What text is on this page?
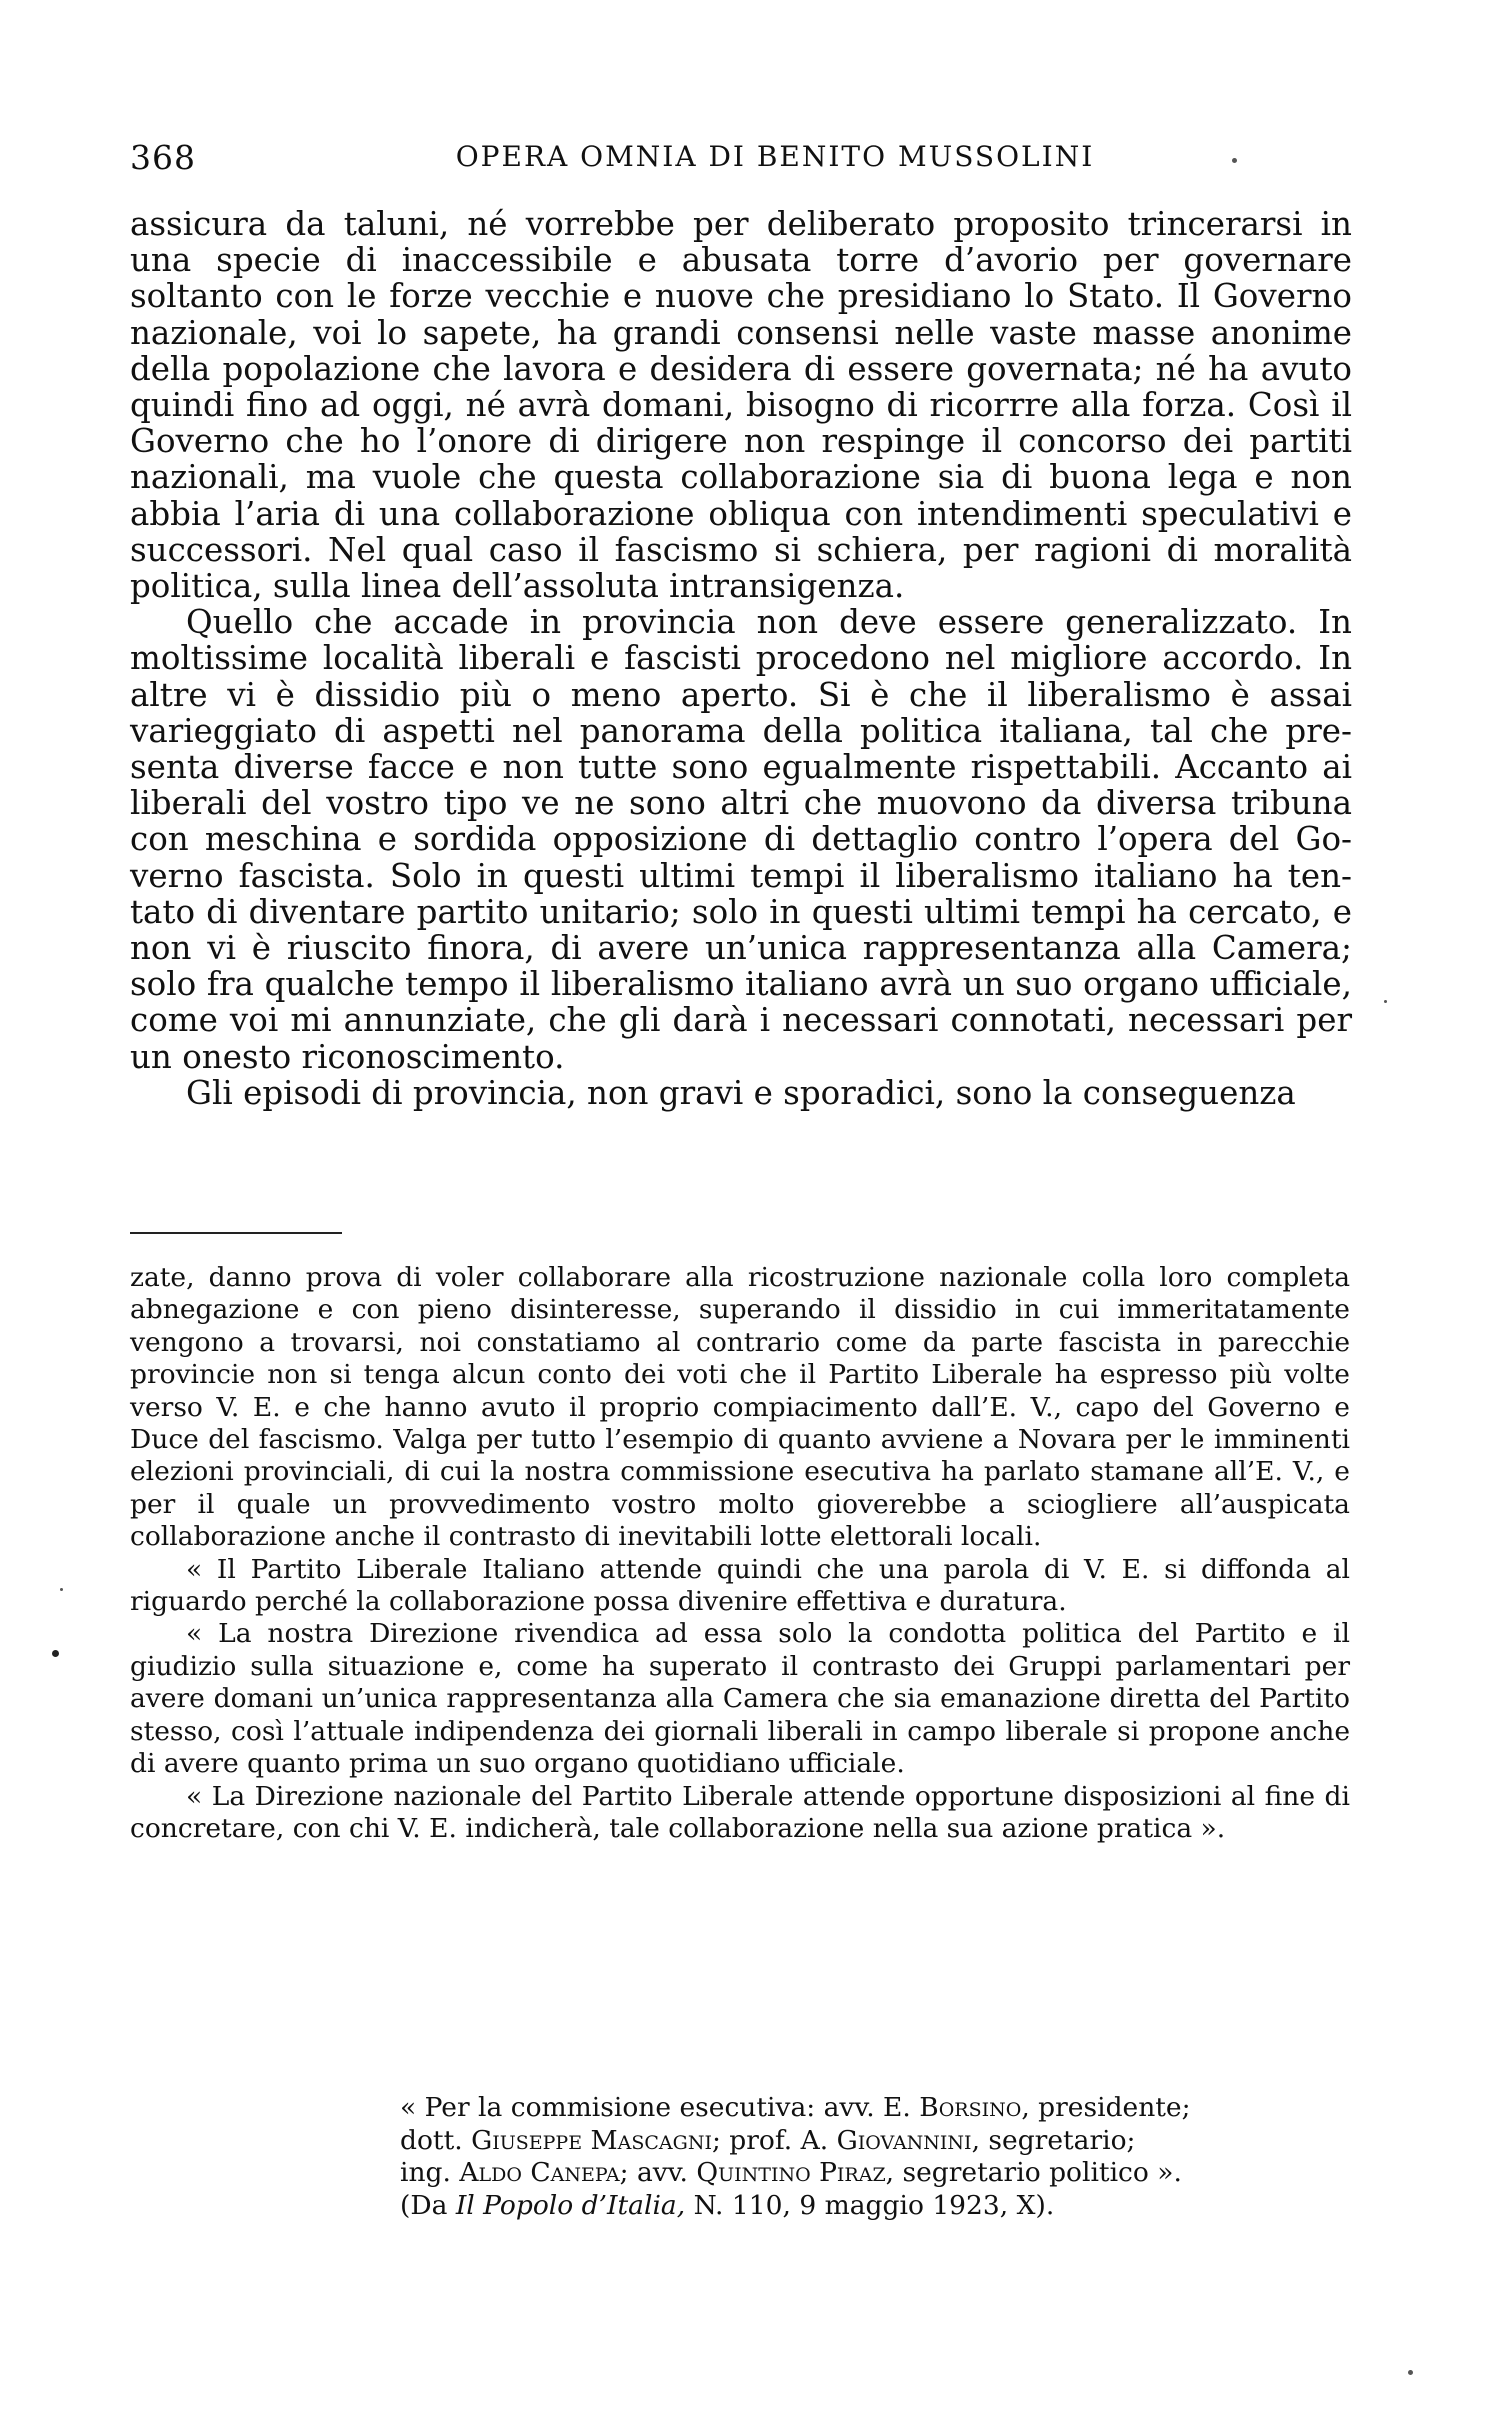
368	OPERA OMNIA DI BENITO MUSSOLINI

assicura da taluni, né vorrebbe per deliberato proposito trincerarsi in una specie di inaccessibile e abusata torre d’avorio per governare soltanto con le forze vecchie e nuove che presidiano lo Stato. Il Governo nazionale, voi lo sapete, ha grandi consensi nelle vaste masse anonime della popolazione che lavora e desidera di essere governata; né ha avuto quindi fino ad oggi, né avrà domani, bisogno di ricorrre alla forza. Così il Governo che ho l’onore di dirigere non respinge il concorso dei partiti nazionali, ma vuole che questa collaborazione sia di buona lega e non abbia l’aria di una collaborazione obliqua con intendimenti speculativi e successori. Nel qual caso il fascismo si schiera, per ragioni di moralità politica, sulla linea dell’assoluta intransigenza.

Quello che accade in provincia non deve essere generalizzato. In moltissime località liberali e fascisti procedono nel migliore accordo. In altre vi è dissidio più o meno aperto. Si è che il liberalismo è assai varieggiato di aspetti nel panorama della politica italiana, tal che presenta diverse facce e non tutte sono egualmente rispettabili. Accanto ai liberali del vostro tipo ve ne sono altri che muovono da diversa tribuna con meschina e sordida opposizione di dettaglio contro l’opera del Governo fascista. Solo in questi ultimi tempi il liberalismo italiano ha tentato di diventare partito unitario; solo in questi ultimi tempi ha cercato, e non vi è riuscito finora, di avere un’unica rappresentanza alla Camera; solo fra qualche tempo il liberalismo italiano avrà un suo organo ufficiale, come voi mi annunziate, che gli darà i necessari connotati, necessari per un onesto riconoscimento.

Gli episodi di provincia, non gravi e sporadici, sono la conseguenza

zate, danno prova di voler collaborare alla ricostruzione nazionale colla loro completa abnegazione e con pieno disinteresse, superando il dissidio in cui immeritatamente vengono a trovarsi, noi constatiamo al contrario come da parte fascista in parecchie provincie non si tenga alcun conto dei voti che il Partito Liberale ha espresso più volte verso V. E. e che hanno avuto il proprio compiacimento dall’E. V., capo del Governo e Duce del fascismo. Valga per tutto l’esempio di quanto avviene a Novara per le imminenti elezioni provinciali, di cui la nostra commissione esecutiva ha parlato stamane all’E. V., e per il quale un provvedimento vostro molto gioverebbe a sciogliere all’auspicata collaborazione anche il contrasto di inevitabili lotte elettorali locali.

« Il Partito Liberale Italiano attende quindi che una parola di V. E. si diffonda al riguardo perché la collaborazione possa divenire effettiva e duratura.

« La nostra Direzione rivendica ad essa solo la condotta politica del Partito e il giudizio sulla situazione e, come ha superato il contrasto dei Gruppi parlamentari per avere domani un’unica rappresentanza alla Camera che sia emanazione diretta del Partito stesso, così l’attuale indipendenza dei giornali liberali in campo liberale si propone anche di avere quanto prima un suo organo quotidiano ufficiale.

« La Direzione nazionale del Partito Liberale attende opportune disposizioni al fine di concretare, con chi V. E. indicherà, tale collaborazione nella sua azione pratica ».

« Per la commisione esecutiva: avv. E. Borsino, presidente;

dott. Giuseppe Mascagni; prof. A. Giovannini, segretario;

ing. Aldo Canepa; avv. Quintino Piraz, segretario politico ».

(Da Il Popolo d’Italia, N. 110, 9 maggio 1923, X).
